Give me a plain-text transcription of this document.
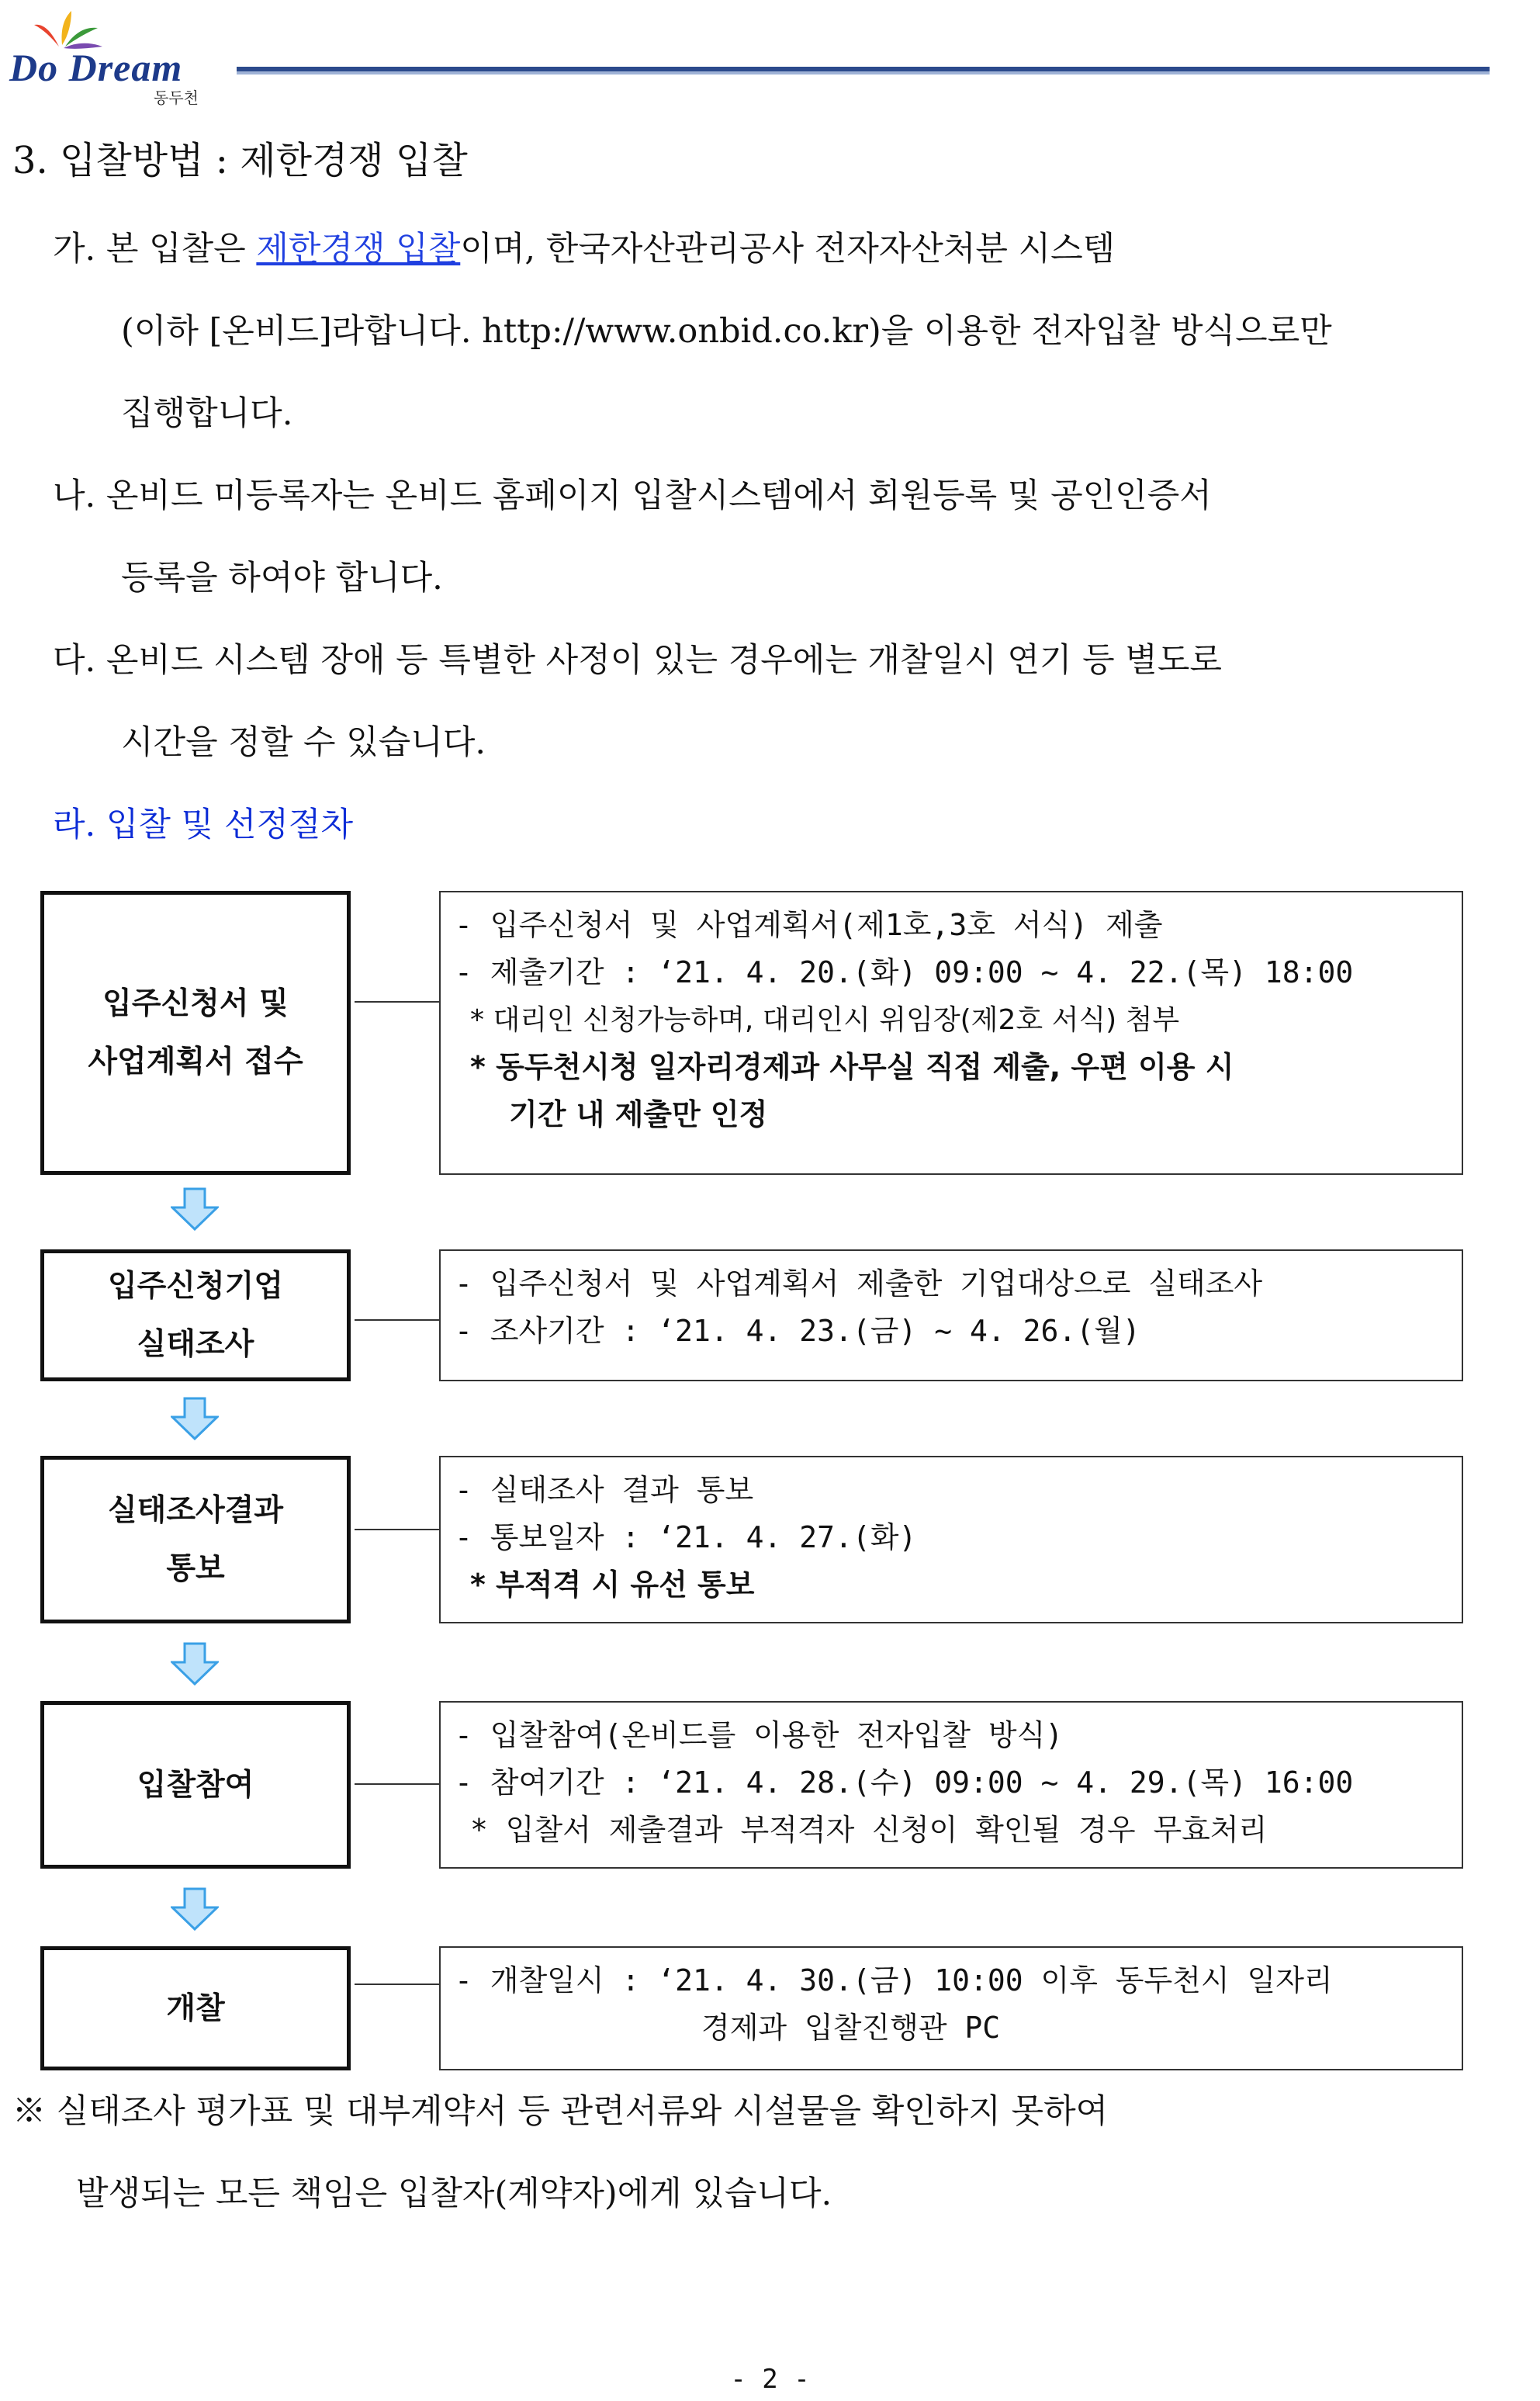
Do Dream
동두천
3. 입찰방법 : 제한경쟁 입찰
가. 본 입찰은 제한경쟁 입찰이며, 한국자산관리공사 전자자산처분 시스템
(이하 [온비드]라합니다. http://www.onbid.co.kr)을 이용한 전자입찰 방식으로만
집행합니다.
나. 온비드 미등록자는 온비드 홈페이지 입찰시스템에서 회원등록 및 공인인증서
등록을 하여야 합니다.
다. 온비드 시스템 장애 등 특별한 사정이 있는 경우에는 개찰일시 연기 등 별도로
시간을 정할 수 있습니다.
라. 입찰 및 선정절차
입주신청서 및
사업계획서 접수
- 입주신청서 및 사업계획서(제1호,3호 서식) 제출
- 제출기간 : ‘21. 4. 20.(화) 09:00 ~ 4. 22.(목) 18:00
* 대리인 신청가능하며, 대리인시 위임장(제2호 서식) 첨부
* 동두천시청 일자리경제과 사무실 직접 제출, 우편 이용 시
기간 내 제출만 인정
입주신청기업
실태조사
- 입주신청서 및 사업계획서 제출한 기업대상으로 실태조사
- 조사기간 : ‘21. 4. 23.(금) ~ 4. 26.(월)
실태조사결과
통보
- 실태조사 결과 통보
- 통보일자 : ‘21. 4. 27.(화)
* 부적격 시 유선 통보
입찰참여
- 입찰참여(온비드를 이용한 전자입찰 방식)
- 참여기간 : ‘21. 4. 28.(수) 09:00 ~ 4. 29.(목) 16:00
* 입찰서 제출결과 부적격자 신청이 확인될 경우 무효처리
개찰
- 개찰일시 : ‘21. 4. 30.(금) 10:00 이후 동두천시 일자리
경제과 입찰진행관 PC
※ 실태조사 평가표 및 대부계약서 등 관련서류와 시설물을 확인하지 못하여
발생되는 모든 책임은 입찰자(계약자)에게 있습니다.
- 2 -
